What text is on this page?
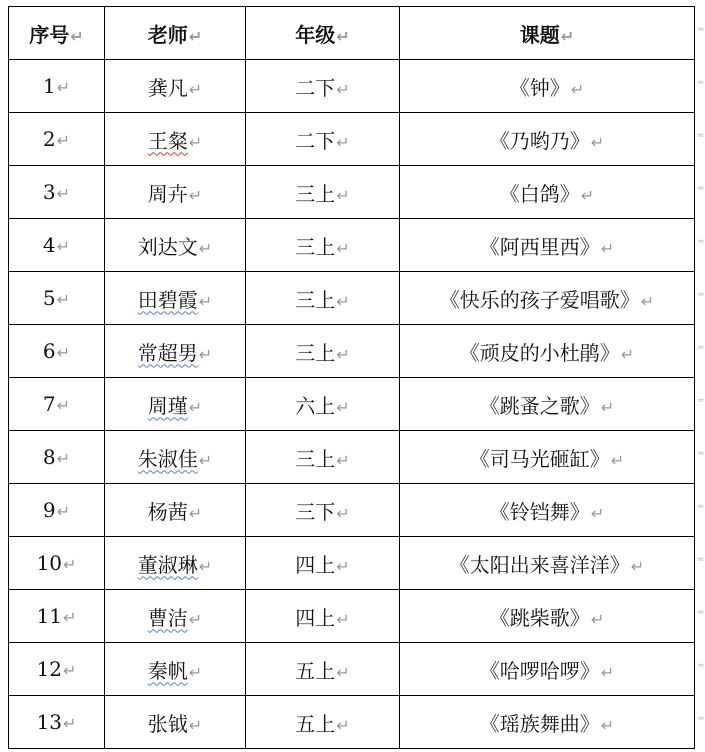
序号↵	老师↵	年级↵	课题↵
1↵	龚凡↵	二下↵	《钟》↵
2↵	王粲↵	二下↵	《乃哟乃》↵
3↵	周卉↵	三上↵	《白鸽》↵
4↵	刘达文↵	三上↵	《阿西里西》↵
5↵	田碧霞↵	三上↵	《快乐的孩子爱唱歌》↵
6↵	常超男↵	三上↵	《顽皮的小杜鹃》↵
7↵	周瑾↵	六上↵	《跳蚤之歌》↵
8↵	朱淑佳↵	三上↵	《司马光砸缸》↵
9↵	杨茜↵	三下↵	《铃铛舞》↵
10↵	董淑琳↵	四上↵	《太阳出来喜洋洋》↵
11↵	曹洁↵	四上↵	《跳柴歌》↵
12↵	秦帆↵	五上↵	《哈啰哈啰》↵
13↵	张钺↵	五上↵	《瑶族舞曲》↵
≈
≈
≈
≈
≈
≈
≈
≈
≈
≈
≈
≈
≈
≈
